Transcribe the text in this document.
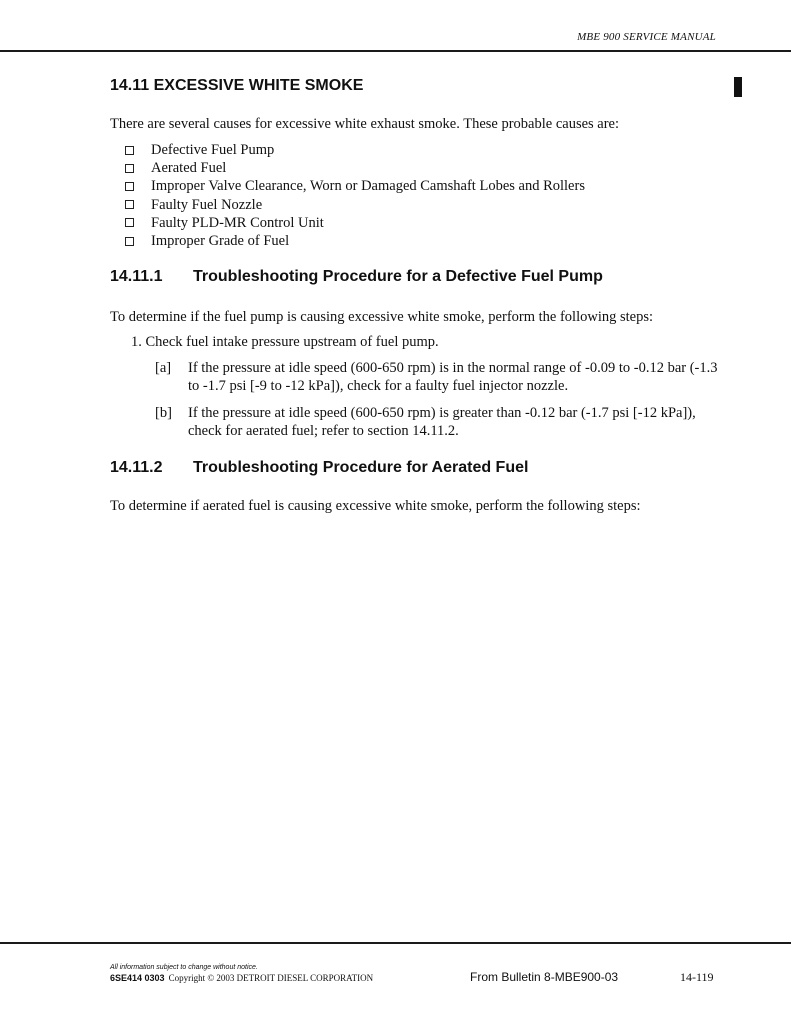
MBE 900 SERVICE MANUAL
14.11 EXCESSIVE WHITE SMOKE
There are several causes for excessive white exhaust smoke. These probable causes are:
Defective Fuel Pump
Aerated Fuel
Improper Valve Clearance, Worn or Damaged Camshaft Lobes and Rollers
Faulty Fuel Nozzle
Faulty PLD-MR Control Unit
Improper Grade of Fuel
14.11.1 Troubleshooting Procedure for a Defective Fuel Pump
To determine if the fuel pump is causing excessive white smoke, perform the following steps:
1. Check fuel intake pressure upstream of fuel pump.
[a]	If the pressure at idle speed (600-650 rpm) is in the normal range of -0.09 to -0.12 bar (-1.3 to -1.7 psi [-9 to -12 kPa]), check for a faulty fuel injector nozzle.
[b]	If the pressure at idle speed (600-650 rpm) is greater than -0.12 bar (-1.7 psi [-12 kPa]), check for aerated fuel; refer to section 14.11.2.
14.11.2 Troubleshooting Procedure for Aerated Fuel
To determine if aerated fuel is causing excessive white smoke, perform the following steps:
All information subject to change without notice.
6SE414 0303 Copyright © 2003 DETROIT DIESEL CORPORATION	From Bulletin 8-MBE900-03	14-119
